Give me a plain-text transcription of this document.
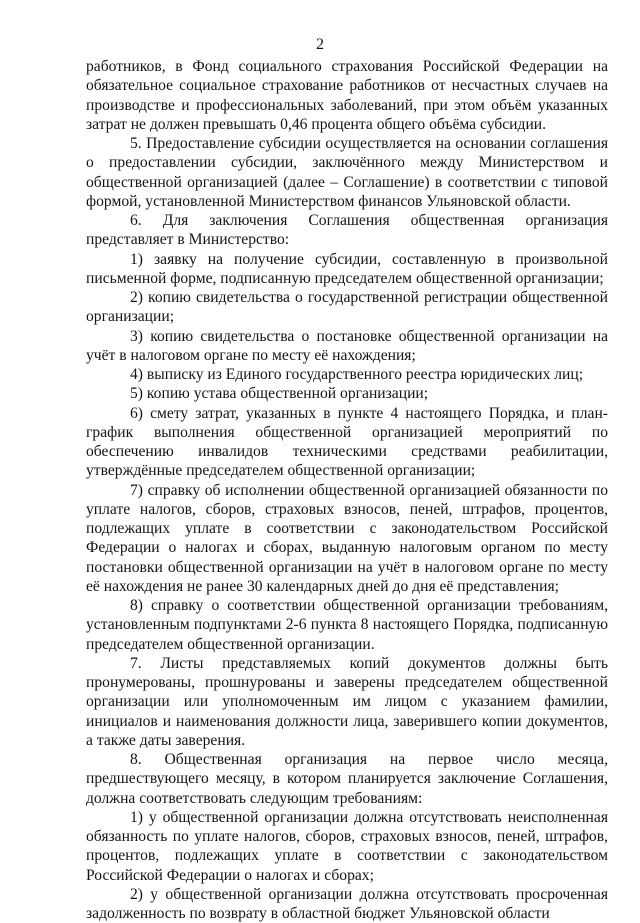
2

работников, в Фонд социального страхования Российской Федерации на обязательное социальное страхование работников от несчастных случаев на производстве и профессиональных заболеваний, при этом объём указанных затрат не должен превышать 0,46 процента общего объёма субсидии.

5. Предоставление субсидии осуществляется на основании соглашения о предоставлении субсидии, заключённого между Министерством и общественной организацией (далее – Соглашение) в соответствии с типовой формой, установленной Министерством финансов Ульяновской области.

6. Для заключения Соглашения общественная организация представляет в Министерство:

1) заявку на получение субсидии, составленную в произвольной письменной форме, подписанную председателем общественной организации;

2) копию свидетельства о государственной регистрации общественной организации;

3) копию свидетельства о постановке общественной организации на учёт в налоговом органе по месту её нахождения;

4) выписку из Единого государственного реестра юридических лиц;

5) копию устава общественной организации;

6) смету затрат, указанных в пункте 4 настоящего Порядка, и план-график выполнения общественной организацией мероприятий по обеспечению инвалидов техническими средствами реабилитации, утверждённые председателем общественной организации;

7) справку об исполнении общественной организацией обязанности по уплате налогов, сборов, страховых взносов, пеней, штрафов, процентов, подлежащих уплате в соответствии с законодательством Российской Федерации о налогах и сборах, выданную налоговым органом по месту постановки общественной организации на учёт в налоговом органе по месту её нахождения не ранее 30 календарных дней до дня её представления;

8) справку о соответствии общественной организации требованиям, установленным подпунктами 2-6 пункта 8 настоящего Порядка, подписанную председателем общественной организации.

7. Листы представляемых копий документов должны быть пронумерованы, прошнурованы и заверены председателем общественной организации или уполномоченным им лицом с указанием фамилии, инициалов и наименования должности лица, заверившего копии документов, а также даты заверения.

8. Общественная организация на первое число месяца, предшествующего месяцу, в котором планируется заключение Соглашения, должна соответствовать следующим требованиям:

1) у общественной организации должна отсутствовать неисполненная обязанность по уплате налогов, сборов, страховых взносов, пеней, штрафов, процентов, подлежащих уплате в соответствии с законодательством Российской Федерации о налогах и сборах;

2) у общественной организации должна отсутствовать просроченная задолженность по возврату в областной бюджет Ульяновской области
